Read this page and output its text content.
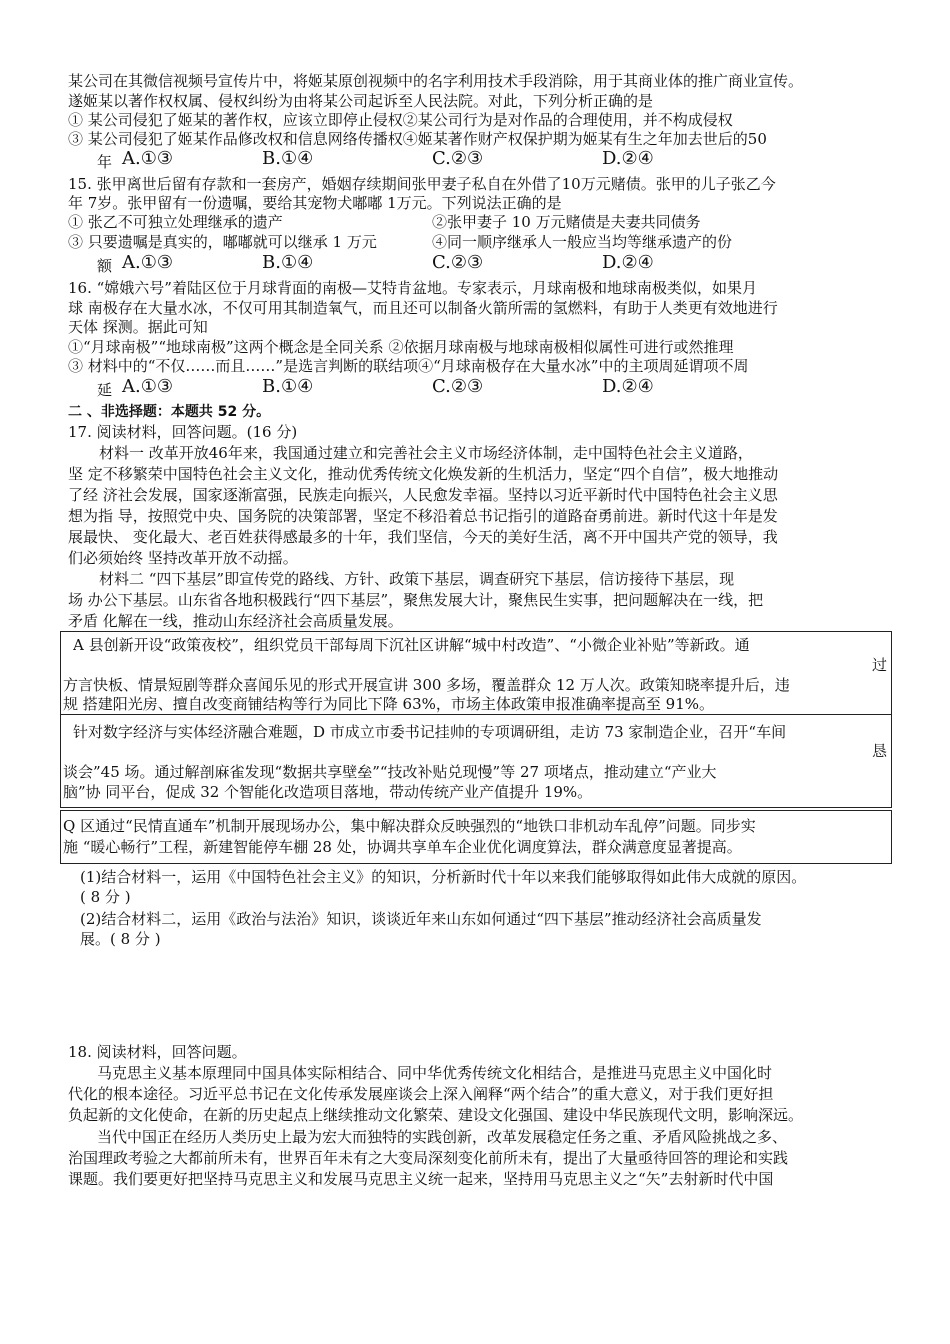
某公司在其微信视频号宣传片中，将姬某原创视频中的名字利用技术手段消除，用于其商业体的推广商业宣传。
遂姬某以著作权权属、侵权纠纷为由将某公司起诉至人民法院。对此，下列分析正确的是
① 某公司侵犯了姬某的著作权，应该立即停止侵权②某公司行为是对作品的合理使用，并不构成侵权
③ 某公司侵犯了姬某作品修改权和信息网络传播权④姬某著作财产权保护期为姬某有生之年加去世后的50
年 A.①③	B.①④	C.②③	D.②④
15. 张甲离世后留有存款和一套房产，婚姻存续期间张甲妻子私自在外借了10万元赌债。张甲的儿子张乙今
年 7岁。张甲留有一份遗嘱，要给其宠物犬嘟嘟 1万元。下列说法正确的是
① 张乙不可独立处理继承的遗产	②张甲妻子 10 万元赌债是夫妻共同债务
③ 只要遗嘱是真实的，嘟嘟就可以继承 1 万元	④同一顺序继承人一般应当均等继承遗产的份
额 A.①③	B.①④	C.②③	D.②④
16. “嫦娥六号”着陆区位于月球背面的南极—艾特肯盆地。专家表示，月球南极和地球南极类似，如果月
球 南极存在大量水冰，不仅可用其制造氧气，而且还可以制备火箭所需的氢燃料，有助于人类更有效地进行
天体 探测。据此可知
①“月球南极”“地球南极”这两个概念是全同关系 ②依据月球南极与地球南极相似属性可进行或然推理
③ 材料中的“不仅……而且……”是选言判断的联结项④“月球南极存在大量水冰”中的主项周延谓项不周
延 A.①③	B.①④	C.②③	D.②④
二 、非选择题：本题共 52 分。
17. 阅读材料，回答问题。(16 分)
材料一 改革开放46年来，我国通过建立和完善社会主义市场经济体制，走中国特色社会主义道路，
坚 定不移繁荣中国特色社会主义文化，推动优秀传统文化焕发新的生机活力，坚定“四个自信”，极大地推动
了经 济社会发展，国家逐渐富强，民族走向振兴，人民愈发幸福。坚持以习近平新时代中国特色社会主义思
想为指 导，按照党中央、国务院的决策部署，坚定不移沿着总书记指引的道路奋勇前进。新时代这十年是发
展最快、 变化最大、老百姓获得感最多的十年，我们坚信，今天的美好生活，离不开中国共产党的领导，我
们必须始终 坚持改革开放不动摇。
材料二 “四下基层”即宣传党的路线、方针、政策下基层，调查研究下基层，信访接待下基层，现
场 办公下基层。山东省各地积极践行“四下基层”，聚焦发展大计，聚焦民生实事，把问题解决在一线，把
矛盾 化解在一线，推动山东经济社会高质量发展。
A 县创新开设“政策夜校”，组织党员干部每周下沉社区讲解“城中村改造”、“小微企业补贴”等新政。通
过
方言快板、情景短剧等群众喜闻乐见的形式开展宣讲 300 多场，覆盖群众 12 万人次。政策知晓率提升后，违
规 搭建阳光房、擅自改变商铺结构等行为同比下降 63%，市场主体政策申报准确率提高至 91%。
针对数字经济与实体经济融合难题，D 市成立市委书记挂帅的专项调研组，走访 73 家制造企业，召开“车间
恳
谈会”45 场。通过解剖麻雀发现“数据共享壁垒”“技改补贴兑现慢”等 27 项堵点，推动建立“产业大
脑”协 同平台，促成 32 个智能化改造项目落地，带动传统产业产值提升 19%。
Q 区通过“民情直通车”机制开展现场办公，集中解决群众反映强烈的“地铁口非机动车乱停”问题。同步实
施 “暖心畅行”工程，新建智能停车棚 28 处，协调共享单车企业优化调度算法，群众满意度显著提高。
(1)结合材料一，运用《中国特色社会主义》的知识，分析新时代十年以来我们能够取得如此伟大成就的原因。
( 8 分 )
(2)结合材料二，运用《政治与法治》知识，谈谈近年来山东如何通过“四下基层”推动经济社会高质量发
展。( 8 分 )
18. 阅读材料，回答问题。
马克思主义基本原理同中国具体实际相结合、同中华优秀传统文化相结合，是推进马克思主义中国化时
代化的根本途径。习近平总书记在文化传承发展座谈会上深入阐释“两个结合”的重大意义，对于我们更好担
负起新的文化使命，在新的历史起点上继续推动文化繁荣、建设文化强国、建设中华民族现代文明，影响深远。
当代中国正在经历人类历史上最为宏大而独特的实践创新，改革发展稳定任务之重、矛盾风险挑战之多、
治国理政考验之大都前所未有，世界百年未有之大变局深刻变化前所未有，提出了大量亟待回答的理论和实践
课题。我们要更好把坚持马克思主义和发展马克思主义统一起来，坚持用马克思主义之“矢”去射新时代中国
